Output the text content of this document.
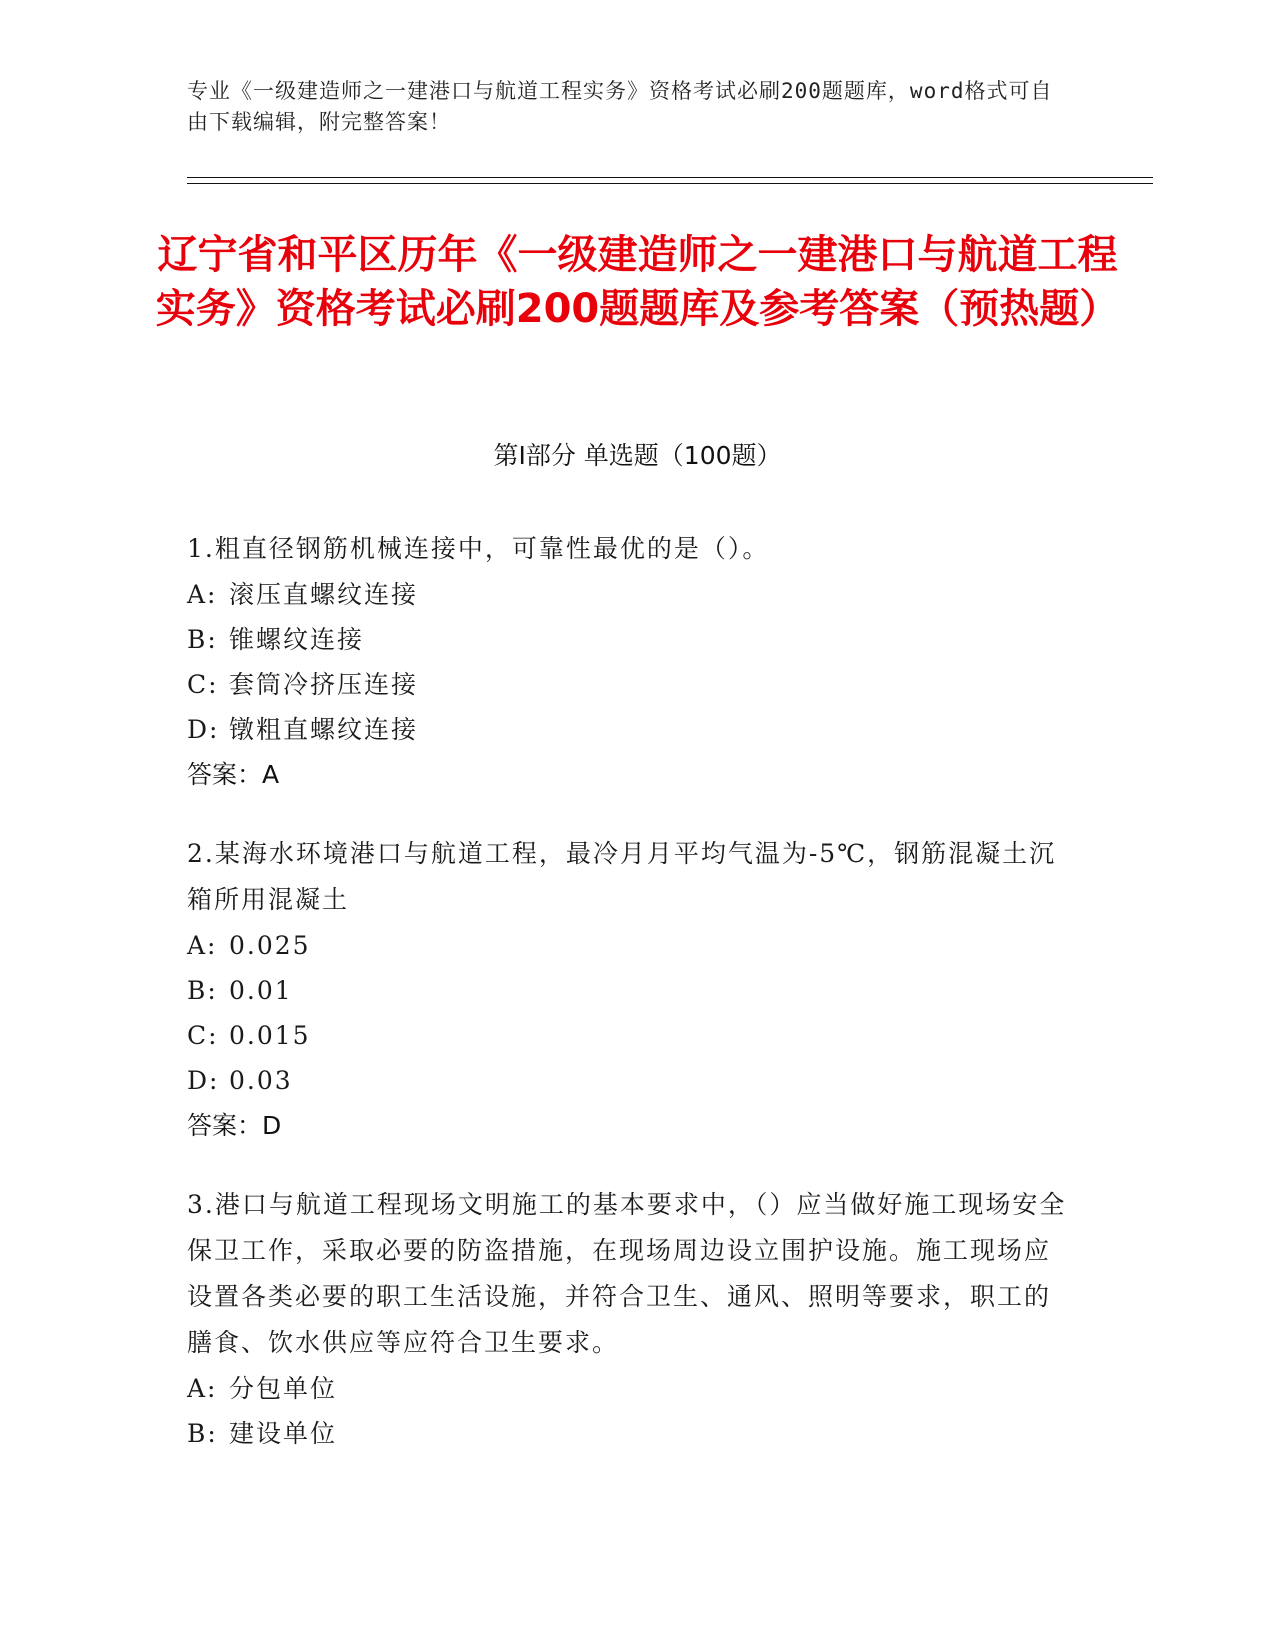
专业《一级建造师之一建港口与航道工程实务》资格考试必刷200题题库，word格式可自由下载编辑，附完整答案！
辽宁省和平区历年《一级建造师之一建港口与航道工程实务》资格考试必刷200题题库及参考答案（预热题）
第Ⅰ部分 单选题（100题）
1.粗直径钢筋机械连接中，可靠性最优的是（）。
A: 滚压直螺纹连接
B: 锥螺纹连接
C: 套筒冷挤压连接
D: 镦粗直螺纹连接
答案：A
2.某海水环境港口与航道工程，最冷月月平均气温为-5℃，钢筋混凝土沉箱所用混凝土
A: 0.025
B: 0.01
C: 0.015
D: 0.03
答案：D
3.港口与航道工程现场文明施工的基本要求中，（）应当做好施工现场安全保卫工作，采取必要的防盗措施，在现场周边设立围护设施。施工现场应设置各类必要的职工生活设施，并符合卫生、通风、照明等要求，职工的膳食、饮水供应等应符合卫生要求。
A: 分包单位
B: 建设单位
